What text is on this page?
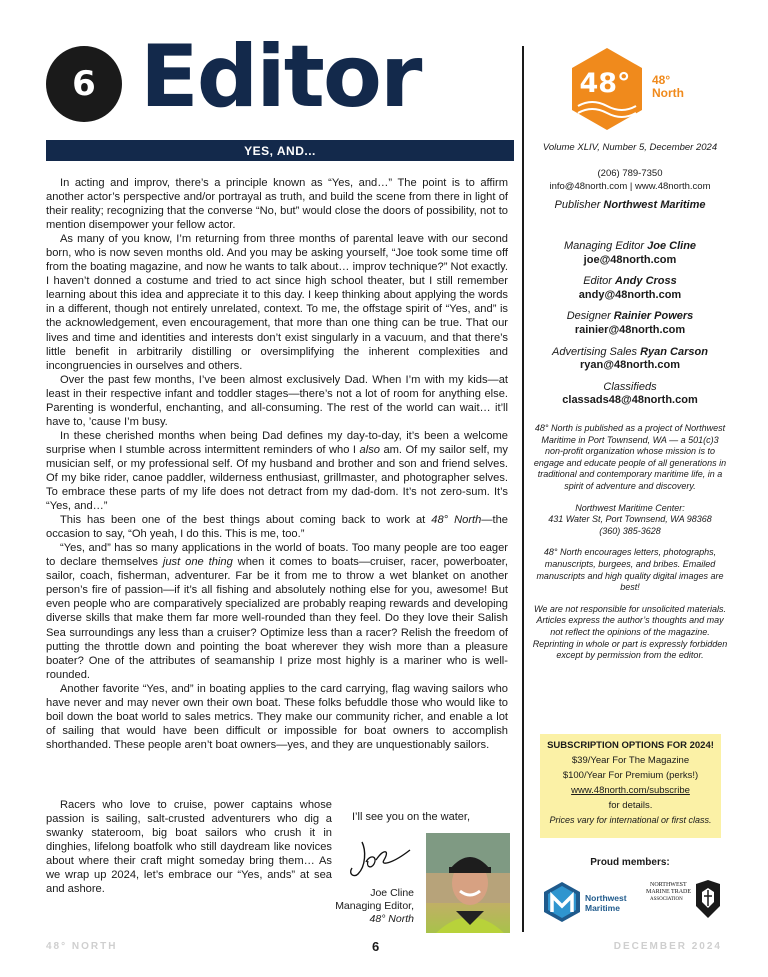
6 Editor
YES, AND...

In acting and improv, there’s a principle known as “Yes, and…” The point is to affirm another actor’s perspective and/or portrayal as truth, and build the scene from there in light of their reality; recognizing that the converse “No, but” would close the doors of possibility, not to mention disempower your fellow actor.

As many of you know, I’m returning from three months of parental leave with our second born, who is now seven months old. And you may be asking yourself, “Joe took some time off from the boating magazine, and now he wants to talk about… improv technique?” Not exactly. I haven’t donned a costume and tried to act since high school theater, but I still remember learning about this idea and appreciate it to this day. I keep thinking about applying the words in a different, though not entirely unrelated, context. To me, the offstage spirit of “Yes, and” is the acknowledgement, even encouragement, that more than one thing can be true. That our lives and time and identities and interests don’t exist singularly in a vacuum, and that there’s little benefit in arbitrarily distilling or oversimplifying the inherent complexities and incongruencies in ourselves and others.

Over the past few months, I’ve been almost exclusively Dad. When I’m with my kids—at least in their respective infant and toddler stages—there’s not a lot of room for anything else. Parenting is wonderful, enchanting, and all-consuming. The rest of the world can wait… it’ll have to, ’cause I’m busy.

In these cherished months when being Dad defines my day-to-day, it’s been a welcome surprise when I stumble across intermittent reminders of who I also am. Of my sailor self, my musician self, or my professional self. Of my husband and brother and son and friend selves. Of my bike rider, canoe paddler, wilderness enthusiast, grillmaster, and photographer selves. To embrace these parts of my life does not detract from my dad-dom. It’s not zero-sum. It’s “Yes, and…”

This has been one of the best things about coming back to work at 48° North—the occasion to say, “Oh yeah, I do this. This is me, too.”

“Yes, and” has so many applications in the world of boats. Too many people are too eager to declare themselves just one thing when it comes to boats—cruiser, racer, powerboater, sailor, coach, fisherman, adventurer. Far be it from me to throw a wet blanket on another person’s fire of passion—if it’s all fishing and absolutely nothing else for you, awesome! But even people who are comparatively specialized are probably reaping rewards and developing diverse skills that make them far more well-rounded than they feel. Do they love their Salish Sea surroundings any less than a cruiser? Optimize less than a racer? Relish the freedom of putting the throttle down and pointing the boat wherever they wish more than a pleasure boater? One of the attributes of seamanship I prize most highly is a mariner who is well-rounded.

Another favorite “Yes, and” in boating applies to the card carrying, flag waving sailors who have never and may never own their own boat. These folks befuddle those who would like to boil down the boat world to sales metrics. They make our community richer, and enable a lot of sailing that would have been difficult or impossible for boat owners to accomplish shorthanded. These people aren’t boat owners—yes, and they are unquestionably sailors.

Racers who love to cruise, power captains whose passion is sailing, salt-crusted adventurers who dig a swanky stateroom, big boat sailors who crush it in dinghies, lifelong boatfolk who still daydream like novices about where their craft might someday bring them… As we wrap up 2024, let’s embrace our “Yes, ands” at sea and ashore.

I’ll see you on the water,
Joe Cline
Managing Editor,
48° North
48° 48°
North
Volume XLIV, Number 5, December 2024
(206) 789-7350
info@48north.com | www.48north.com
Publisher Northwest Maritime
Managing Editor Joe Cline
joe@48north.com
Editor Andy Cross
andy@48north.com
Designer Rainier Powers
rainier@48north.com
Advertising Sales Ryan Carson
ryan@48north.com
Classifieds
classads48@48north.com
48° North is published as a project of Northwest Maritime in Port Townsend, WA — a 501(c)3 non-profit organization whose mission is to engage and educate people of all generations in traditional and contemporary maritime life, in a spirit of adventure and discovery.
Northwest Maritime Center:
431 Water St, Port Townsend, WA 98368
(360) 385-3628
48° North encourages letters, photographs, manuscripts, burgees, and bribes. Emailed manuscripts and high quality digital images are best!
We are not responsible for unsolicited materials. Articles express the author’s thoughts and may not reflect the opinions of the magazine. Reprinting in whole or part is expressly forbidden except by permission from the editor.
SUBSCRIPTION OPTIONS FOR 2024!
$39/Year For The Magazine
$100/Year For Premium (perks!)
www.48north.com/subscribe
for details.
Prices vary for international or first class.
Proud members:
Northwest
Maritime
NORTHWEST
MARINE TRADE
ASSOCIATION
48° NORTH	6	DECEMBER 2024
